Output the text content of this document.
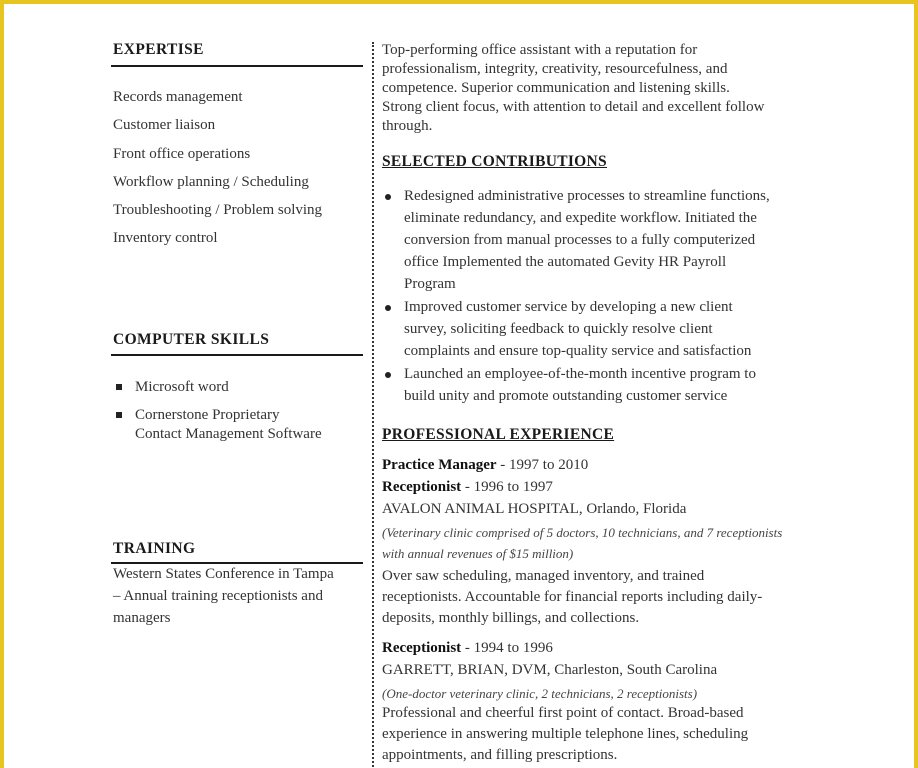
EXPERTISE
Records management
Customer liaison
Front office operations
Workflow planning / Scheduling
Troubleshooting / Problem solving
Inventory control
COMPUTER SKILLS
Microsoft word
Cornerstone Proprietary
Contact Management Software
TRAINING
Western States Conference in Tampa
– Annual training receptionists and
managers
Top-performing office assistant with a reputation for
professionalism, integrity, creativity, resourcefulness, and
competence. Superior communication and listening skills.
Strong client focus, with attention to detail and excellent follow
through.
SELECTED CONTRIBUTIONS
Redesigned administrative processes to streamline functions,
eliminate redundancy, and expedite workflow. Initiated the
conversion from manual processes to a fully computerized
office Implemented the automated Gevity HR Payroll
Program
Improved customer service by developing a new client
survey, soliciting feedback to quickly resolve client
complaints and ensure top-quality service and satisfaction
Launched an employee-of-the-month incentive program to
build unity and promote outstanding customer service
PROFESSIONAL EXPERIENCE
Practice Manager - 1997 to 2010
Receptionist - 1996 to 1997
AVALON ANIMAL HOSPITAL, Orlando, Florida
(Veterinary clinic comprised of 5 doctors, 10 technicians, and 7 receptionists
with annual revenues of $15 million)
Over saw scheduling, managed inventory, and trained
receptionists. Accountable for financial reports including daily-
deposits, monthly billings, and collections.
Receptionist - 1994 to 1996
GARRETT, BRIAN, DVM, Charleston, South Carolina
(One-doctor veterinary clinic, 2 technicians, 2 receptionists)
Professional and cheerful first point of contact. Broad-based
experience in answering multiple telephone lines, scheduling
appointments, and filling prescriptions.
